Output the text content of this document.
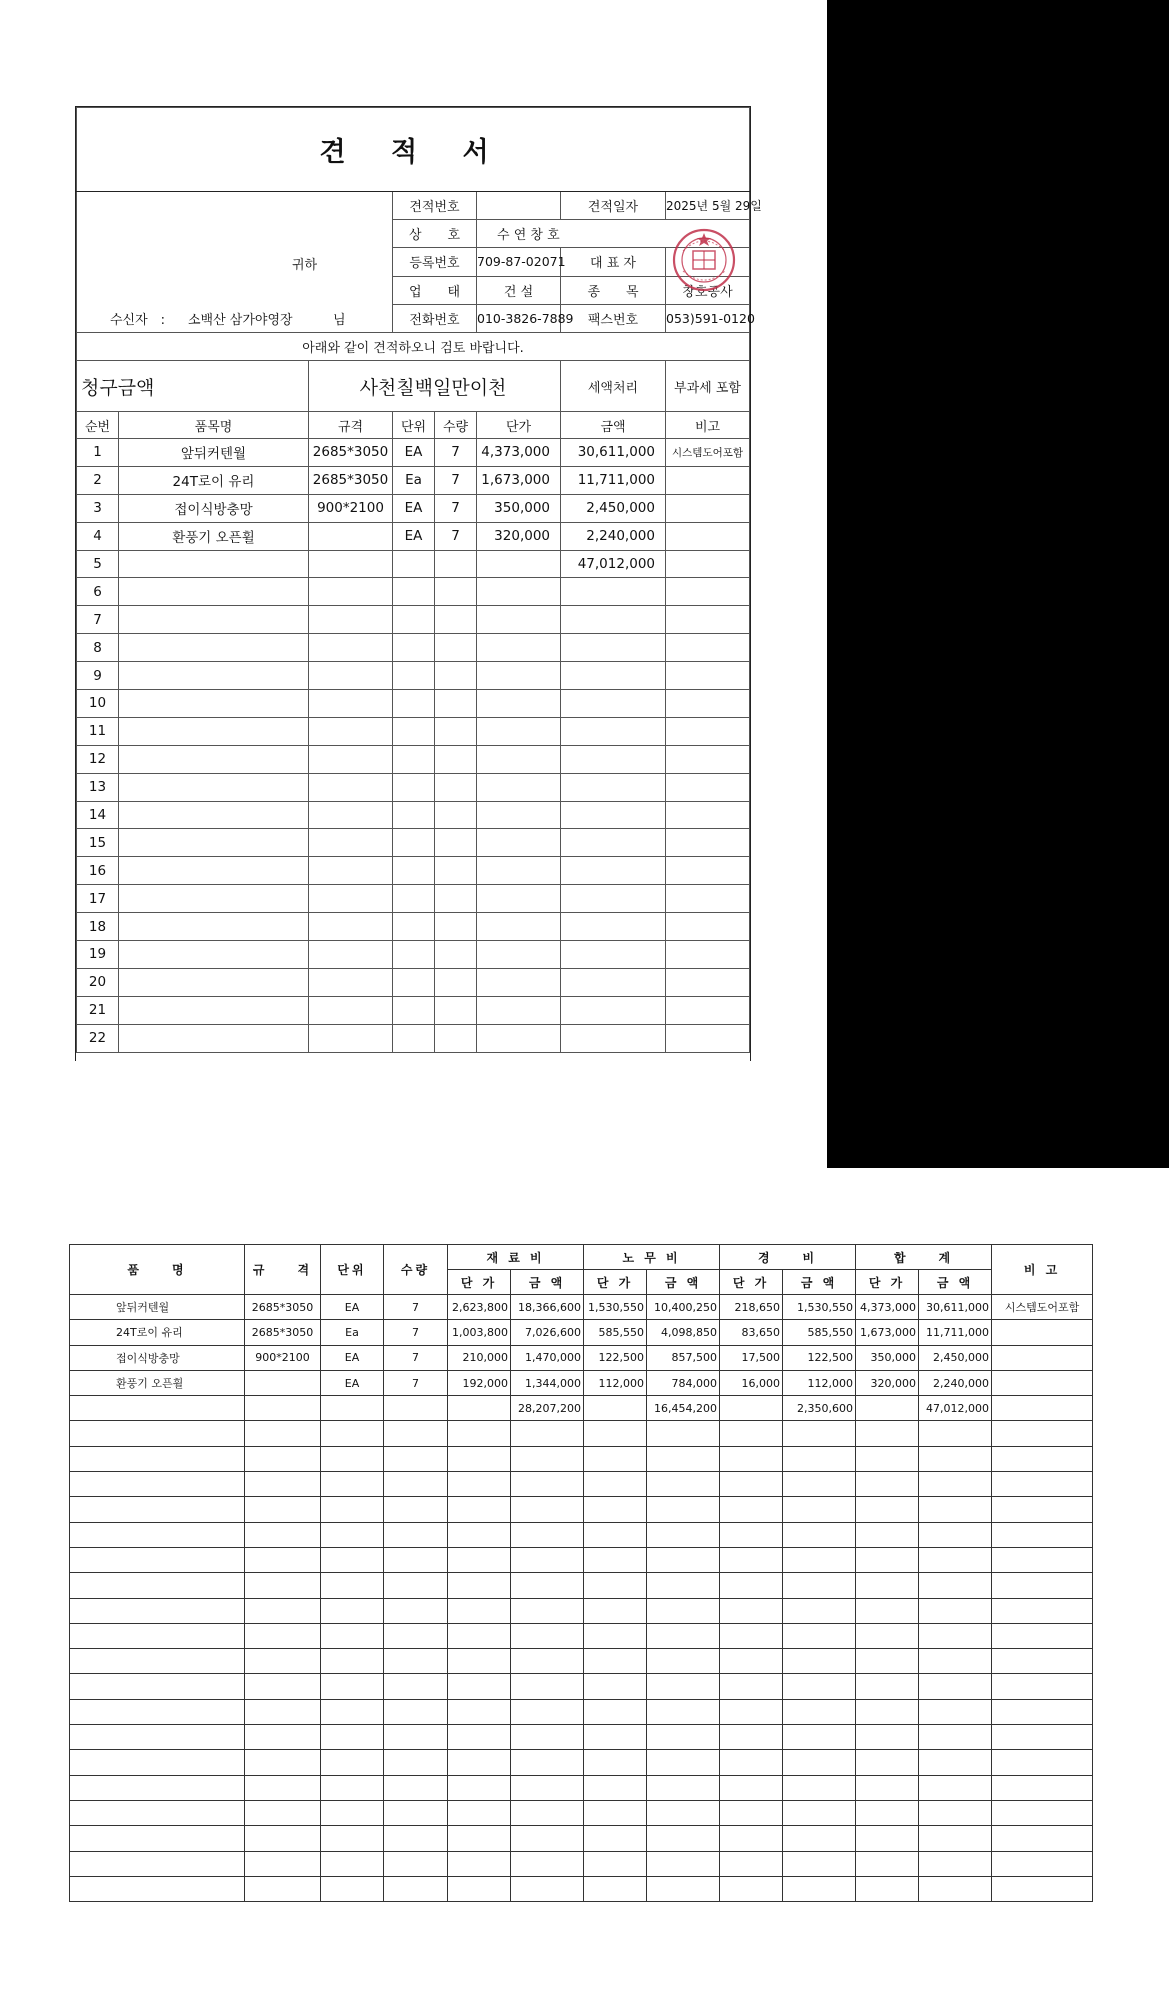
견 적 서							

귀하
수신자　: 소백산 삼가야영장 님			견적번호			견적일자	2025년 5월 29일
			상　　호		수 연 창 호		
			등록번호		709-87-02071	대 표 자	
			업　　태		건 설	종　　목	창호공사
			전화번호		010-3826-7889	팩스번호	053)591-0120
아래와 같이 견적하오니 검토 바랍니다.							
청구금액		사천칠백일만이천				세액처리	부과세 포함
순번	품목명	규격	단위	수량	단가	금액	비고
1	앞뒤커텐월	2685*3050	EA	7	4,373,000	30,611,000	시스템도어포함
2	24T로이 유리	2685*3050	Ea	7	1,673,000	11,711,000	
3	접이식방충망	900*2100	EA	7	350,000	2,450,000	
4	환풍기 오픈휠		EA	7	320,000	2,240,000	
5						47,012,000	
6							
7							
8							
9							
10							
11							
12							
13							
14							
15							
16							
17							
18							
19							
20							
21							
22							
품　　명	규　　격	단위	수량	재 료 비		노 무 비		경　　비		합　　계		비 고
				단 가	금 액	단 가	금 액	단 가	금 액	단 가	금 액	
앞뒤커텐월	2685*3050	EA	7	2,623,800	18,366,600	1,530,550	10,400,250	218,650	1,530,550	4,373,000	30,611,000	시스템도어포함
24T로이 유리	2685*3050	Ea	7	1,003,800	7,026,600	585,550	4,098,850	83,650	585,550	1,673,000	11,711,000	
접이식방충망	900*2100	EA	7	210,000	1,470,000	122,500	857,500	17,500	122,500	350,000	2,450,000	
환풍기 오픈휠		EA	7	192,000	1,344,000	112,000	784,000	16,000	112,000	320,000	2,240,000	
					28,207,200		16,454,200		2,350,600		47,012,000	
